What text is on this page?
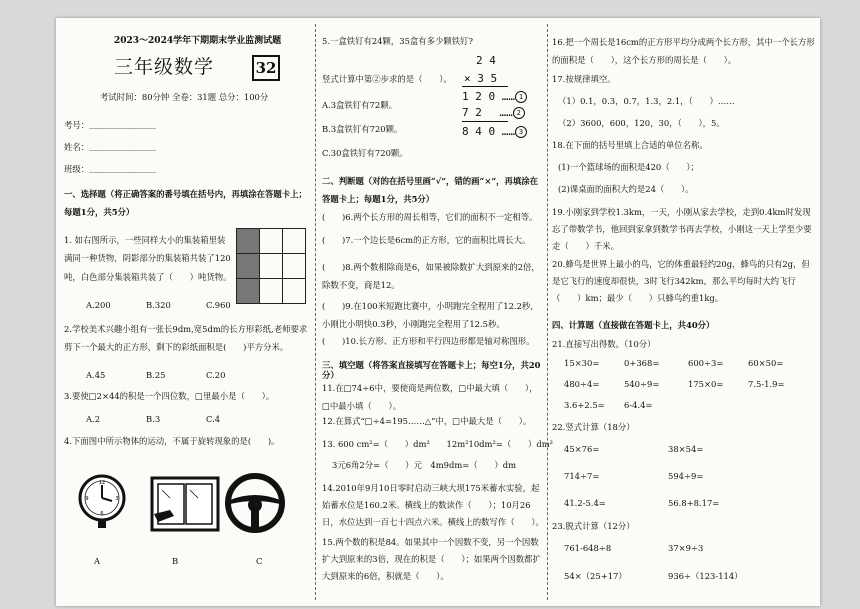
2023～2024学年下期期末学业监测试题
三年级数学	32
考试时间：80分钟 全卷：31题 总分：100分
考号：＿＿＿＿＿＿＿＿
姓名：＿＿＿＿＿＿＿＿
班级：＿＿＿＿＿＿＿＿
一、选择题（将正确答案的番号填在括号内，再填涂在答题卡上；每题1分，共5分）
1. 如右图所示，一些同样大小的集装箱里装满同一种货物，阴影部分的集装箱共装了120吨，白色部分集装箱共装了（　　）吨货物。

A.200	B.320	C.960
2.学校美术兴趣小组有一张长9dm,宽5dm的长方形彩纸,老师要求剪下一个最大的正方形，剩下的彩纸面积是(　　)平方分米。
A.45	B.25	C.20
3.要使□2×44的积是一个四位数，□里最小是（　　）。
A.2	B.3	C.4
4.下面图中所示物体的运动，不属于旋转现象的是(　　)。
12
3
6
9
A	B	C
5.一盒铁钉有24颗，35盒有多少颗铁钉?
竖式计算中第②步求的是（　　）。
A.3盒铁钉有72颗。
B.3盒铁钉有720颗。
C.30盒铁钉有720颗。
2 4
× 3 5
1 2 0 …… 1
7 2 　…… 2
8 4 0 …… 3
二、判断题（对的在括号里画“√”，错的画“×”，再填涂在答题卡上；每题1分，共5分）
(　　)6.两个长方形的周长相等，它们的面积不一定相等。
(　　)7.一个边长是6cm的正方形，它的面积比周长大。
(　　)8.两个数相除商是6，如果被除数扩大到原来的2倍，除数不变，商是12。
(　　)9.在100米短跑比赛中，小明跑完全程用了12.2秒，小刚比小明快0.3秒，小刚跑完全程用了12.5秒。
(　　)10.长方形、正方形和平行四边形都是轴对称图形。
三、填空题（将答案直接填写在答题卡上；每空1分，共20分）
11.在□74÷6中，要使商是两位数，□中最大填（　　），□中最小填（　　）。
12.在算式“□÷4=195……△”中，□中最大是（　　）。
13. 600 cm²=（　　）dm²　　12m²10dm²=（　　）dm²
3元6角2分=（　　）元　4m9dm=（　　）dm
14.2010年9月10日零时启动三峡大坝175米蓄水实验，起始蓄水位是160.2米。横线上的数读作（　　）；10月26日，水位达到一百七十四点六米。横线上的数写作（　　）。
15.两个数的积是84。如果其中一个因数不变，另一个因数扩大到原来的3倍，现在的积是（　　）；如果两个因数都扩大到原来的6倍，积就是（　　）。
16.把一个周长是16cm的正方形平均分成两个长方形，其中一个长方形的面积是（　　），这个长方形的周长是（　　）。
17.按规律填空。
（1）0.1，0.3，0.7，1.3，2.1，（　　）……
（2）3600，600，120，30，（　　），5。
18.在下面的括号里填上合适的单位名称。
(1)一个篮球场的面积是420（　　）；
(2)课桌面的面积大约是24（　　）。
19.小刚家到学校1.3km，一天，小刚从家去学校，走到0.4km时发现忘了带数学书，他回到家拿到数学书再去学校，小刚这一天上学至少要走（　　）千米。
20.蜂鸟是世界上最小的鸟，它的体重最轻约20g，蜂鸟的只有2g，但是它飞行的速度却很快，3时飞行342km，那么平均每时大约飞行（　　）km；最少（　　）只蜂鸟约重1kg。
四、计算题（直接做在答题卡上，共40分）
21.直接写出得数。（10分）
15×30=	0+368=	600÷3=	60×50=
480÷4=	540÷9=	175×0=	7.5-1.9=
3.6+2.5= 6-4.4=
22.竖式计算（18分）
45×76=	38×54=
714÷7=	594÷9=
41.2-5.4=	56.8+8.17=
23.脱式计算（12分）
761-648÷8	37×9÷3
54×（25+17）	936÷（123-114）
